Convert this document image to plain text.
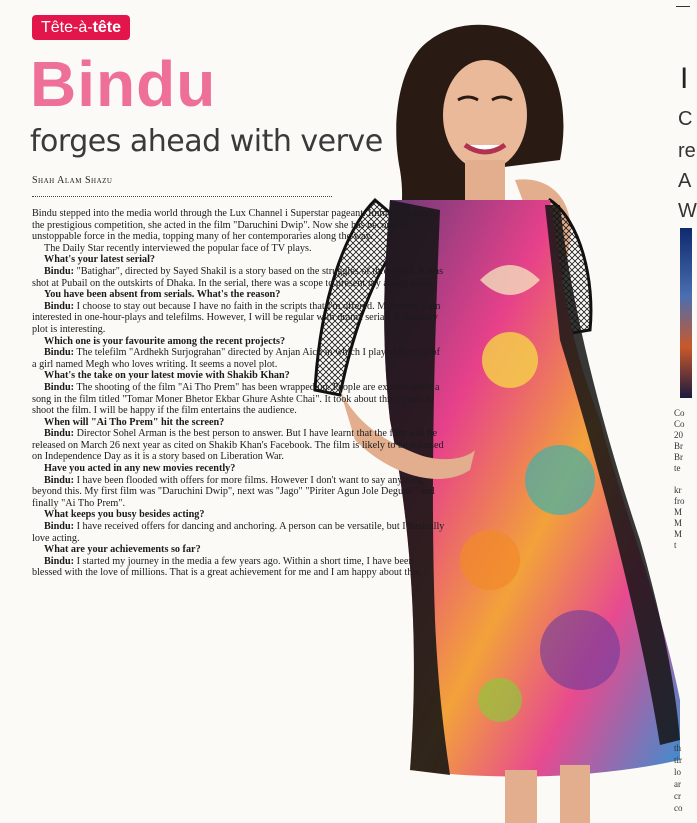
Tête-à-tête
Bindu
forges ahead with verve
Shah Alam Shazu

Bindu stepped into the media world through the Lux Channel i Superstar pageant. Immediate after the prestigious competition, she acted in the film "Daruchini Dwip". Now she has become an unstoppable force in the media, topping many of her contemporaries along the way.

The Daily Star recently interviewed the popular face of TV plays.

What's your latest serial?

Bindu: "Batighar", directed by Sayed Shakil is a story based on the struggles of three girls. It was shot at Pubail on the outskirts of Dhaka. In the serial, there was a scope to present my acting skills.

You have been absent from serials. What's the reason?

Bindu: I choose to stay out because I have no faith in the scripts that I'm offered. Moreover, I am interested in one-hour-plays and telefilms. However, I will be regular with drama serials if the story plot is interesting.

Which one is your favourite among the recent projects?

Bindu: The telefilm "Ardhekh Surjograhan" directed by Anjan Aich in which I played the role of a girl named Megh who loves writing. It seems a novel plot.

What's the take on your latest movie with Shakib Khan?

Bindu: The shooting of the film "Ai Tho Prem" has been wrapped up. People are excited about a song in the film titled "Tomar Moner Bhetor Ekbar Ghure Ashte Chai". It took about three years to shoot the film. I will be happy if the film entertains the audience.

When will "Ai Tho Prem" hit the screen?

Bindu: Director Sohel Arman is the best person to answer. But I have learnt that the film will be released on March 26 next year as cited on Shakib Khan's Facebook. The film is likely to be released on Independence Day as it is a story based on Liberation War.

Have you acted in any new movies recently?

Bindu: I have been flooded with offers for more films. However I don't want to say anything beyond this. My first film was "Daruchini Dwip", next was "Jago" "Piriter Agun Jole Deguun" and finally "Ai Tho Prem".

What keeps you busy besides acting?

Bindu: I have received offers for dancing and anchoring. A person can be versatile, but I basically love acting.

What are your achievements so far?

Bindu: I started my journey in the media a few years ago. Within a short time, I have been blessed with the love of millions. That is a great achievement for me and I am happy about this.

I
C
re
A
W
Co
Co
20
Br
Br
te
kr
fro
M
M
M
t
th
tir
lo
ar
cr
co
